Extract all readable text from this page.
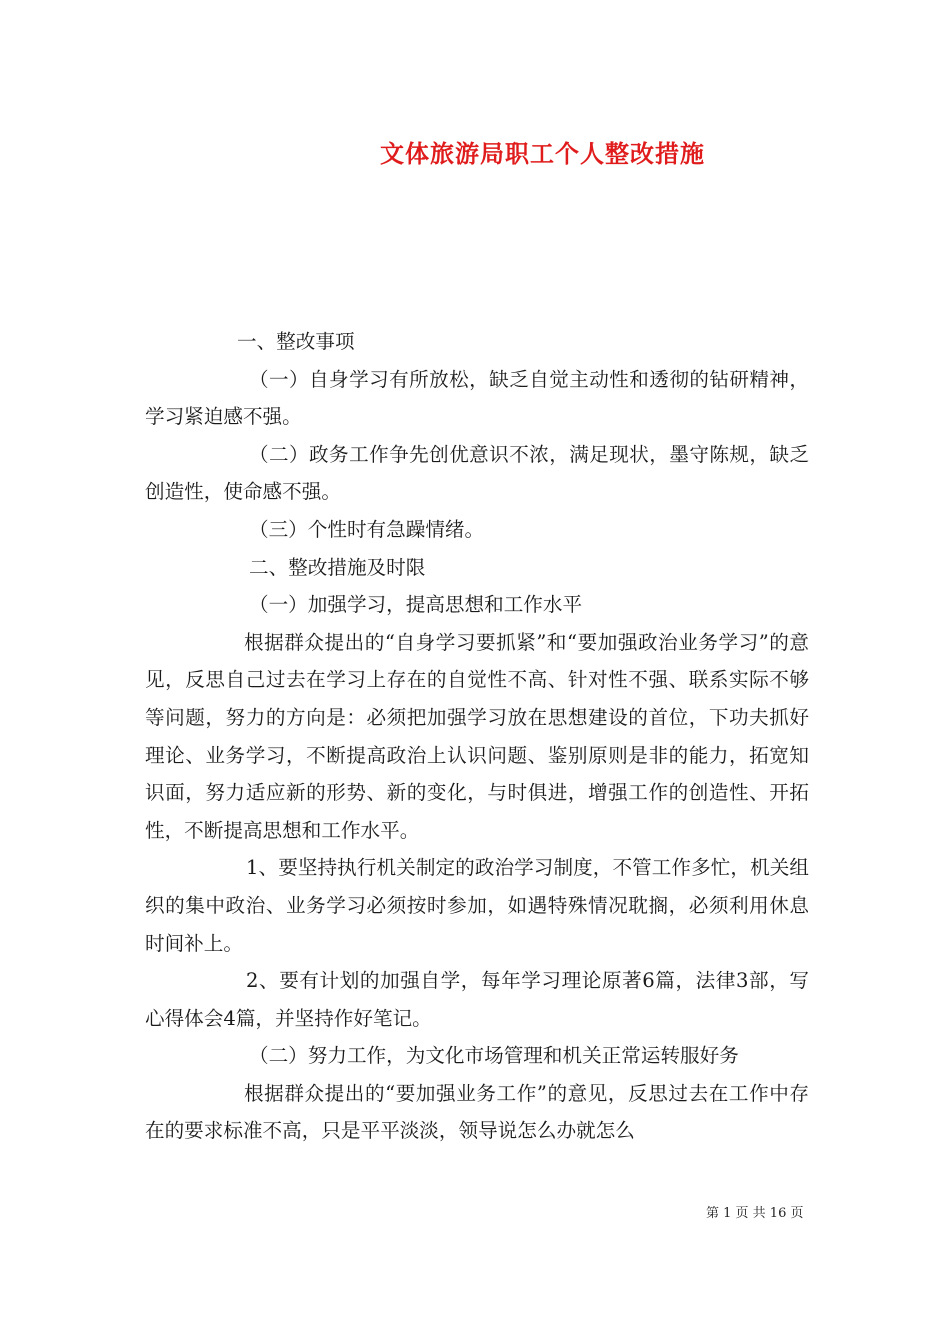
文体旅游局职工个人整改措施

一、整改事项

（一）自身学习有所放松，缺乏自觉主动性和透彻的钻研精神，学习紧迫感不强。

（二）政务工作争先创优意识不浓，满足现状，墨守陈规，缺乏创造性，使命感不强。

（三）个性时有急躁情绪。

二、整改措施及时限

（一）加强学习，提高思想和工作水平

根据群众提出的“自身学习要抓紧”和“要加强政治业务学习”的意见，反思自己过去在学习上存在的自觉性不高、针对性不强、联系实际不够等问题，努力的方向是：必须把加强学习放在思想建设的首位，下功夫抓好理论、业务学习，不断提高政治上认识问题、鉴别原则是非的能力，拓宽知识面，努力适应新的形势、新的变化，与时俱进，增强工作的创造性、开拓性，不断提高思想和工作水平。

1、要坚持执行机关制定的政治学习制度，不管工作多忙，机关组织的集中政治、业务学习必须按时参加，如遇特殊情况耽搁，必须利用休息时间补上。

2、要有计划的加强自学，每年学习理论原著6篇，法律3部，写心得体会4篇，并坚持作好笔记。

（二）努力工作，为文化市场管理和机关正常运转服好务

根据群众提出的“要加强业务工作”的意见，反思过去在工作中存在的要求标准不高，只是平平淡淡，领导说怎么办就怎么

第 1 页 共 16 页
